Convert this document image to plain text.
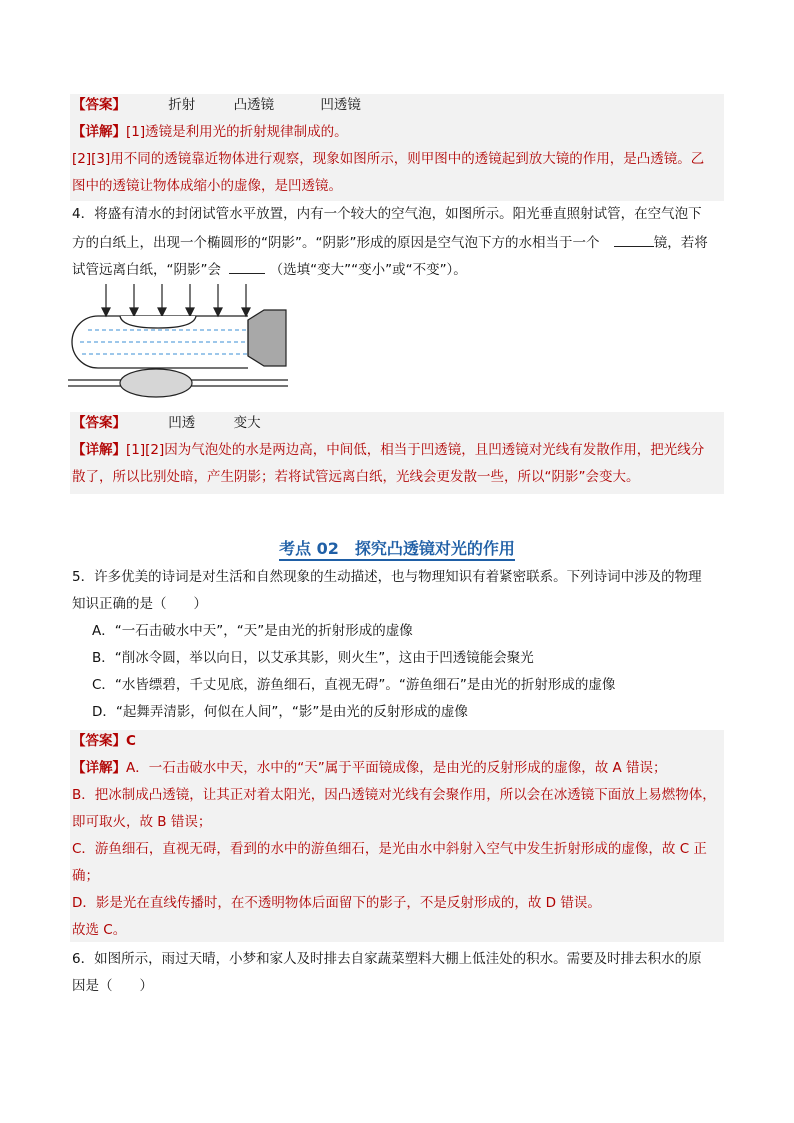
【答案】	折射	凸透镜	凹透镜
【详解】[1]透镜是利用光的折射规律制成的。
[2][3]用不同的透镜靠近物体进行观察，现象如图所示，则甲图中的透镜起到放大镜的作用，是凸透镜。乙
图中的透镜让物体成缩小的虚像，是凹透镜。
4．将盛有清水的封闭试管水平放置，内有一个较大的空气泡，如图所示。阳光垂直照射试管，在空气泡下
方的白纸上，出现一个椭圆形的“阴影”。“阴影”形成的原因是空气泡下方的水相当于一个	镜，若将
试管远离白纸，“阴影”会	（选填“变大”“变小”或“不变”）。
【答案】	凹透	变大
【详解】[1][2]因为气泡处的水是两边高，中间低，相当于凹透镜，且凹透镜对光线有发散作用，把光线分
散了，所以比别处暗，产生阴影；若将试管远离白纸，光线会更发散一些，所以“阴影”会变大。
考点 02　探究凸透镜对光的作用
5．许多优美的诗词是对生活和自然现象的生动描述，也与物理知识有着紧密联系。下列诗词中涉及的物理
知识正确的是（　　）
A．“一石击破水中天”，“天”是由光的折射形成的虚像
B．“削冰令圆，举以向日，以艾承其影，则火生”，这由于凹透镜能会聚光
C．“水皆缥碧，千丈见底，游鱼细石，直视无碍”。“游鱼细石”是由光的折射形成的虚像
D．“起舞弄清影，何似在人间”，“影”是由光的反射形成的虚像
【答案】C
【详解】A．一石击破水中天，水中的“天”属于平面镜成像，是由光的反射形成的虚像，故 A 错误；
B．把冰制成凸透镜，让其正对着太阳光，因凸透镜对光线有会聚作用，所以会在冰透镜下面放上易燃物体，
即可取火，故 B 错误；
C．游鱼细石，直视无碍，看到的水中的游鱼细石，是光由水中斜射入空气中发生折射形成的虚像，故 C 正
确；
D．影是光在直线传播时，在不透明物体后面留下的影子，不是反射形成的，故 D 错误。
故选 C。
6．如图所示，雨过天晴，小梦和家人及时排去自家蔬菜塑料大棚上低洼处的积水。需要及时排去积水的原
因是（　　）
